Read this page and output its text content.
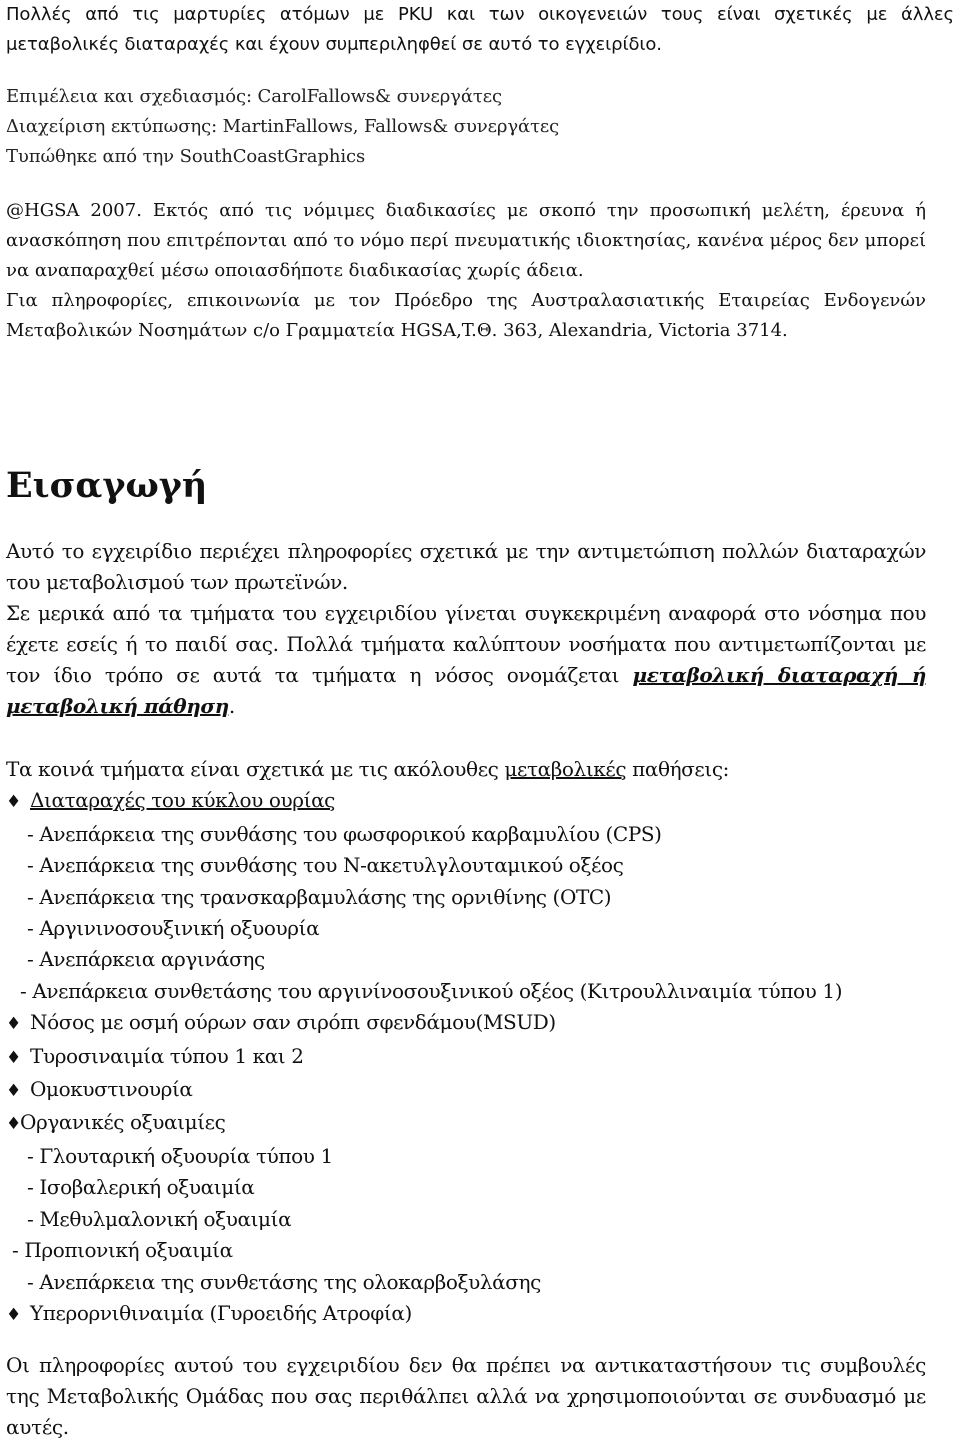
Πολλές από τις μαρτυρίες ατόμων με PKU και των οικογενειών τους είναι σχετικές με άλλες μεταβολικές διαταραχές και έχουν συμπεριληφθεί σε αυτό το εγχειρίδιο.

Επιμέλεια και σχεδιασμός: CarolFallows& συνεργάτες

Διαχείριση εκτύπωσης: MartinFallows, Fallows& συνεργάτες

Τυπώθηκε από την SouthCoastGraphics

@HGSA 2007. Εκτός από τις νόμιμες διαδικασίες με σκοπό την προσωπική μελέτη, έρευνα ή ανασκόπηση που επιτρέπονται από το νόμο περί πνευματικής ιδιοκτησίας, κανένα μέρος δεν μπορεί να αναπαραχθεί μέσω οποιασδήποτε διαδικασίας χωρίς άδεια.

Για πληροφορίες, επικοινωνία με τον Πρόεδρο της Αυστραλασιατικής Εταιρείας Ενδογενών Μεταβολικών Νοσημάτων c/o Γραμματεία HGSA,T.Θ. 363, Alexandria, Victoria 3714.

Εισαγωγή

Αυτό το εγχειρίδιο περιέχει πληροφορίες σχετικά με την αντιμετώπιση πολλών διαταραχών του μεταβολισμού των πρωτεϊνών.

Σε μερικά από τα τμήματα του εγχειριδίου γίνεται συγκεκριμένη αναφορά στο νόσημα που έχετε εσείς ή το παιδί σας. Πολλά τμήματα καλύπτουν νοσήματα που αντιμετωπίζονται με τον ίδιο τρόπο σε αυτά τα τμήματα η νόσος ονομάζεται μεταβολική διαταραχή ή μεταβολική πάθηση.

Τα κοινά τμήματα είναι σχετικά με τις ακόλουθες μεταβολικές παθήσεις:

♦ Διαταραχές του κύκλου ουρίας

- Ανεπάρκεια της συνθάσης του φωσφορικού καρβαμυλίου (CPS)

- Ανεπάρκεια της συνθάσης του Ν-ακετυλγλουταμικού οξέος

- Ανεπάρκεια της τρανσκαρβαμυλάσης της ορνιθίνης (OTC)

- Αργινινοσουξινική οξυουρία

- Ανεπάρκεια αργινάσης

- Ανεπάρκεια συνθετάσης του αργινίνοσουξινικού οξέος (Κιτρουλλιναιμία τύπου 1)

♦ Νόσος με οσμή ούρων σαν σιρόπι σφενδάμου(MSUD)

♦ Τυροσιναιμία τύπου 1 και 2

♦ Ομοκυστινουρία

♦Οργανικές οξυαιμίες

- Γλουταρική οξυουρία τύπου 1

- Ισοβαλερική οξυαιμία

- Μεθυλμαλονική οξυαιμία

- Προπιονική οξυαιμία

- Ανεπάρκεια της συνθετάσης της ολοκαρβοξυλάσης

♦ Υπερορνιθιναιμία (Γυροειδής Ατροφία)

Οι πληροφορίες αυτού του εγχειριδίου δεν θα πρέπει να αντικαταστήσουν τις συμβουλές της Μεταβολικής Ομάδας που σας περιθάλπει αλλά να χρησιμοποιούνται σε συνδυασμό με αυτές.
